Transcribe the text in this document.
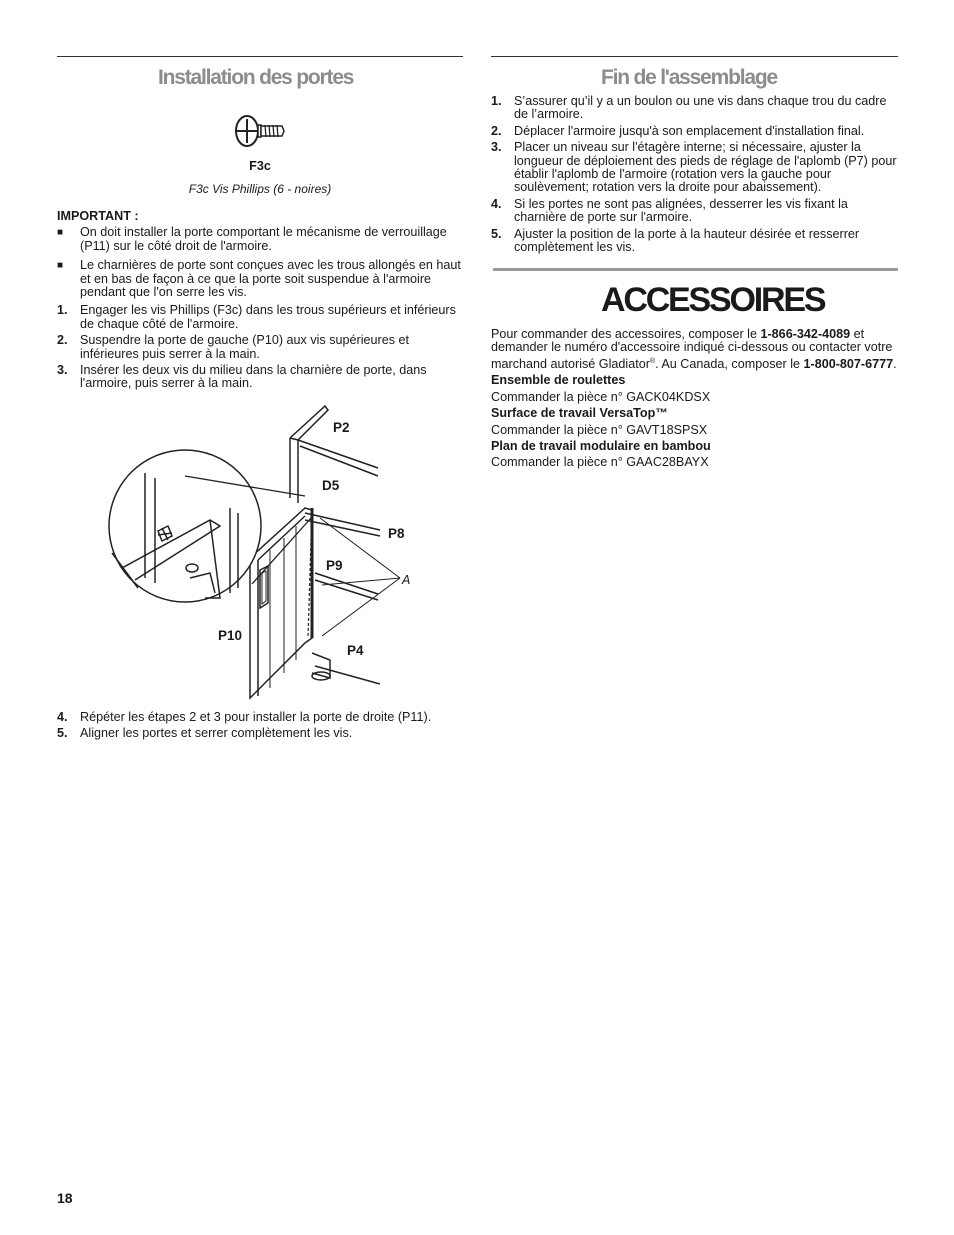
Installation des portes
F3c
F3c Vis Phillips (6 - noires)

IMPORTANT :

■ On doit installer la porte comportant le mécanisme de verrouillage (P11) sur le côté droit de l'armoire.
■ Le charnières de porte sont conçues avec les trous allongés en haut et en bas de façon à ce que la porte soit suspendue à l'armoire pendant que l'on serre les vis.
1. Engager les vis Phillips (F3c) dans les trous supérieurs et inférieurs de chaque côté de l'armoire.
2. Suspendre la porte de gauche (P10) aux vis supérieures et inférieures puis serrer à la main.
3. Insérer les deux vis du milieu dans la charnière de porte, dans l'armoire, puis serrer à la main.
P2
D5
P8
P9
A
P10
P4
4. Répéter les étapes 2 et 3 pour installer la porte de droite (P11).
5. Aligner les portes et serrer complètement les vis.
Fin de l'assemblage
1. S’assurer qu’il y a un boulon ou une vis dans chaque trou du cadre de l’armoire.
2. Déplacer l'armoire jusqu'à son emplacement d'installation final.
3. Placer un niveau sur l'étagère interne; si nécessaire, ajuster la longueur de déploiement des pieds de réglage de l'aplomb (P7) pour établir l'aplomb de l'armoire (rotation vers la gauche pour soulèvement; rotation vers la droite pour abaissement).
4. Si les portes ne sont pas alignées, desserrer les vis fixant la charnière de porte sur l'armoire.
5. Ajuster la position de la porte à la hauteur désirée et resserrer complètement les vis.
ACCESSOIRES

Pour commander des accessoires, composer le 1-866-342-4089 et demander le numéro d'accessoire indiqué ci-dessous ou contacter votre marchand autorisé Gladiator®. Au Canada, composer le 1-800-807-6777.

Ensemble de roulettes

Commander la pièce n° GACK04KDSX

Surface de travail VersaTop™

Commander la pièce n° GAVT18SPSX

Plan de travail modulaire en bambou

Commander la pièce n° GAAC28BAYX

18
